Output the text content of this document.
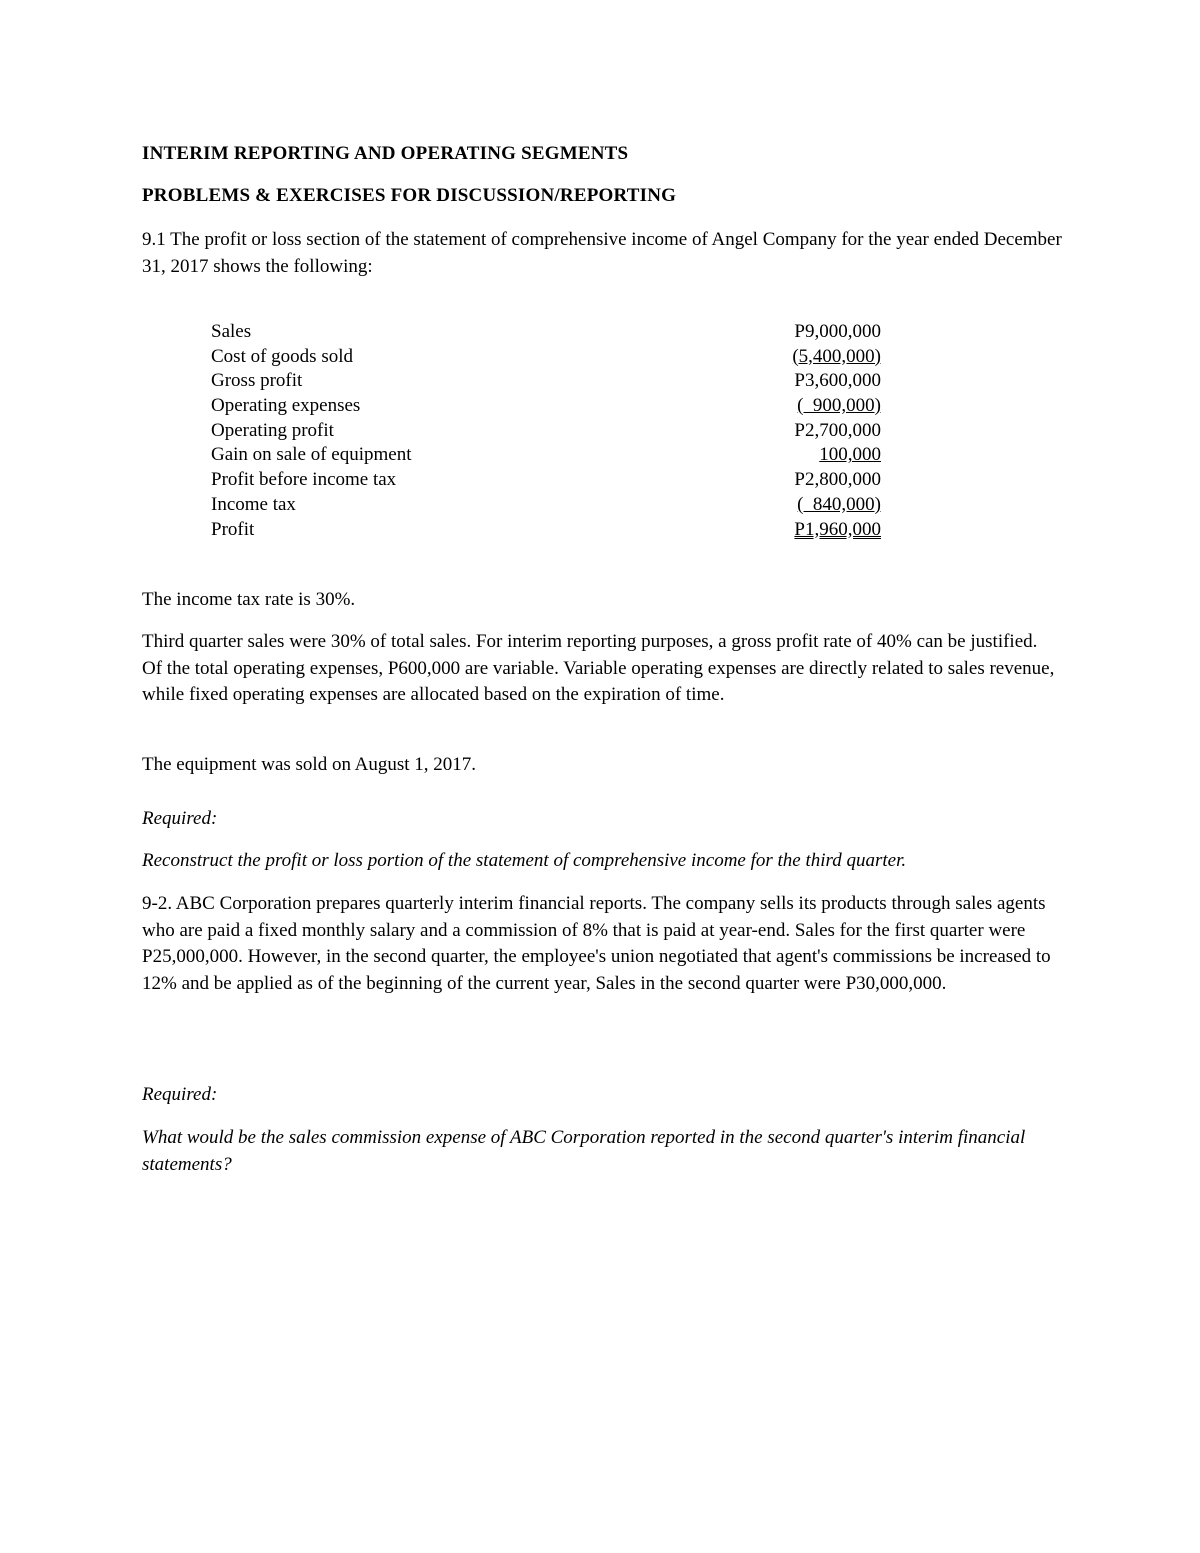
INTERIM REPORTING AND OPERATING SEGMENTS

PROBLEMS & EXERCISES FOR DISCUSSION/REPORTING

9.1 The profit or loss section of the statement of comprehensive income of Angel Company for the year ended December 31, 2017 shows the following:

Sales	P9,000,000
Cost of goods sold	(5,400,000)
Gross profit	P3,600,000
Operating expenses	(  900,000)
Operating profit	P2,700,000
Gain on sale of equipment	100,000
Profit before income tax	P2,800,000
Income tax	(  840,000)
Profit	P1,960,000

The income tax rate is 30%.

Third quarter sales were 30% of total sales. For interim reporting purposes, a gross profit rate of 40% can be justified. Of the total operating expenses, P600,000 are variable. Variable operating expenses are directly related to sales revenue, while fixed operating expenses are allocated based on the expiration of time.

The equipment was sold on August 1, 2017.

Required:

Reconstruct the profit or loss portion of the statement of comprehensive income for the third quarter.

9-2. ABC Corporation prepares quarterly interim financial reports. The company sells its products through sales agents who are paid a fixed monthly salary and a commission of 8% that is paid at year-end. Sales for the first quarter were P25,000,000. However, in the second quarter, the employee's union negotiated that agent's commissions be increased to 12% and be applied as of the beginning of the current year, Sales in the second quarter were P30,000,000.

Required:

What would be the sales commission expense of ABC Corporation reported in the second quarter's interim financial statements?
